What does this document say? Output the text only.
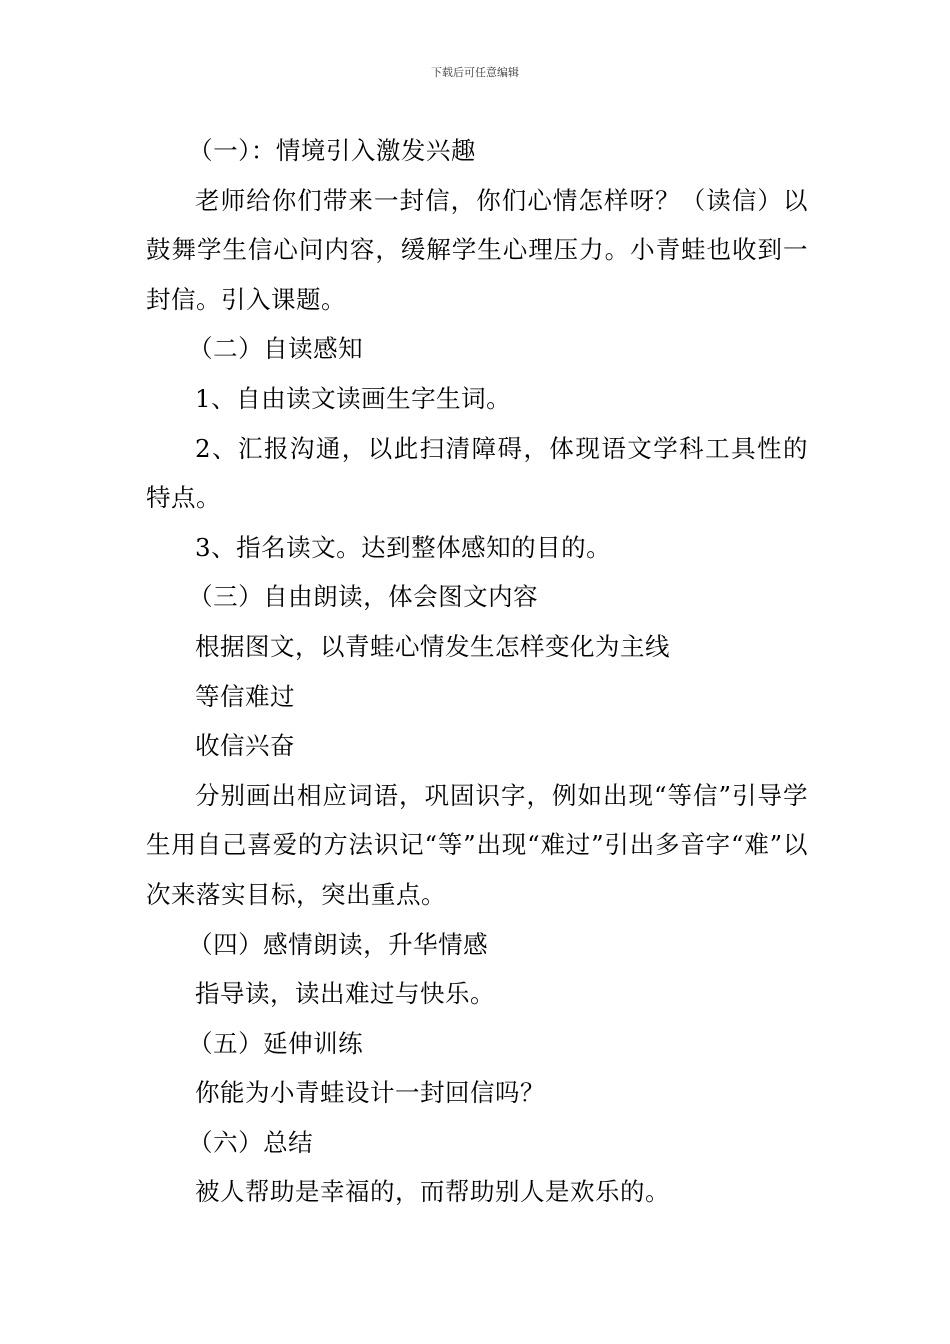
下载后可任意编辑

（一）：情境引入激发兴趣

老师给你们带来一封信，你们心情怎样呀？（读信）以鼓舞学生信心问内容，缓解学生心理压力。小青蛙也收到一封信。引入课题。

（二）自读感知

1、自由读文读画生字生词。

2、汇报沟通，以此扫清障碍，体现语文学科工具性的特点。

3、指名读文。达到整体感知的目的。

（三）自由朗读，体会图文内容

根据图文，以青蛙心情发生怎样变化为主线

等信难过

收信兴奋

分别画出相应词语，巩固识字，例如出现“等信”引导学生用自己喜爱的方法识记“等”出现“难过”引出多音字“难”以次来落实目标，突出重点。

（四）感情朗读，升华情感

指导读，读出难过与快乐。

（五）延伸训练

你能为小青蛙设计一封回信吗？

（六）总结

被人帮助是幸福的，而帮助别人是欢乐的。
